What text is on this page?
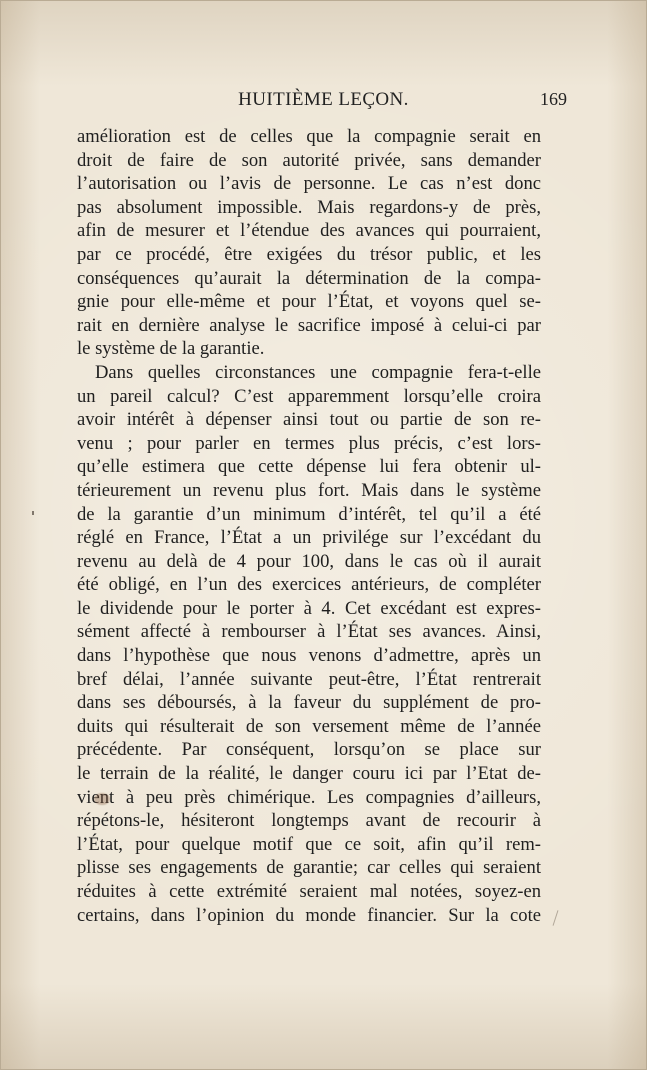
HUITIÈME LEÇON.	169
amélioration est de celles que la compagnie serait en
droit de faire de son autorité privée, sans demander
l’autorisation ou l’avis de personne. Le cas n’est donc
pas absolument impossible. Mais regardons-y de près,
afin de mesurer et l’étendue des avances qui pourraient,
par ce procédé, être exigées du trésor public, et les
conséquences qu’aurait la détermination de la compa-
gnie pour elle-même et pour l’État, et voyons quel se-
rait en dernière analyse le sacrifice imposé à celui-ci par
le système de la garantie.
Dans quelles circonstances une compagnie fera-t-elle
un pareil calcul? C’est apparemment lorsqu’elle croira
avoir intérêt à dépenser ainsi tout ou partie de son re-
venu ; pour parler en termes plus précis, c’est lors-
qu’elle estimera que cette dépense lui fera obtenir ul-
térieurement un revenu plus fort. Mais dans le système
de la garantie d’un minimum d’intérêt, tel qu’il a été
réglé en France, l’État a un privilége sur l’excédant du
revenu au delà de 4 pour 100, dans le cas où il aurait
été obligé, en l’un des exercices antérieurs, de compléter
le dividende pour le porter à 4. Cet excédant est expres-
sément affecté à rembourser à l’État ses avances. Ainsi,
dans l’hypothèse que nous venons d’admettre, après un
bref délai, l’année suivante peut-être, l’État rentrerait
dans ses déboursés, à la faveur du supplément de pro-
duits qui résulterait de son versement même de l’année
précédente. Par conséquent, lorsqu’on se place sur
le terrain de la réalité, le danger couru ici par l’Etat de-
vient à peu près chimérique. Les compagnies d’ailleurs,
répétons-le, hésiteront longtemps avant de recourir à
l’État, pour quelque motif que ce soit, afin qu’il rem-
plisse ses engagements de garantie; car celles qui seraient
réduites à cette extrémité seraient mal notées, soyez-en
certains, dans l’opinion du monde financier. Sur la cote
